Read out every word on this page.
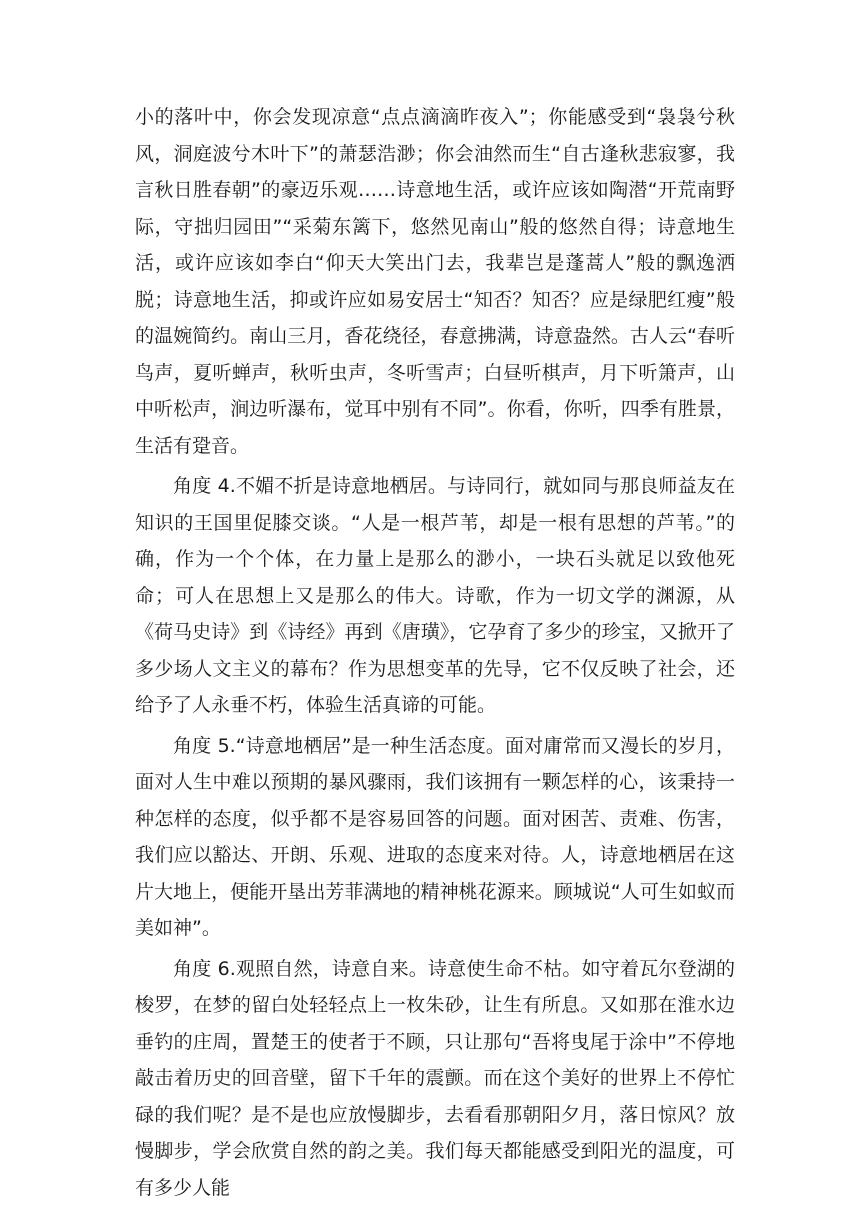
小的落叶中，你会发现凉意“点点滴滴昨夜入”；你能感受到“袅袅兮秋风，洞庭波兮木叶下”的萧瑟浩渺；你会油然而生“自古逢秋悲寂寥，我言秋日胜春朝”的豪迈乐观……诗意地生活，或许应该如陶潜“开荒南野际，守拙归园田”“采菊东篱下，悠然见南山”般的悠然自得；诗意地生活，或许应该如李白“仰天大笑出门去，我辈岂是蓬蒿人”般的飘逸洒脱；诗意地生活，抑或许应如易安居士“知否？知否？应是绿肥红瘦”般的温婉简约。南山三月，香花绕径，春意拂满，诗意盎然。古人云“春听鸟声，夏听蝉声，秋听虫声，冬听雪声；白昼听棋声，月下听箫声，山中听松声，涧边听瀑布，觉耳中别有不同”。你看，你听，四季有胜景，生活有跫音。

角度 4.不媚不折是诗意地栖居。与诗同行，就如同与那良师益友在知识的王国里促膝交谈。“人是一根芦苇，却是一根有思想的芦苇。”的确，作为一个个体，在力量上是那么的渺小，一块石头就足以致他死命；可人在思想上又是那么的伟大。诗歌，作为一切文学的渊源，从《荷马史诗》到《诗经》再到《唐璜》，它孕育了多少的珍宝，又掀开了多少场人文主义的幕布？作为思想变革的先导，它不仅反映了社会，还给予了人永垂不朽，体验生活真谛的可能。

角度 5.“诗意地栖居”是一种生活态度。面对庸常而又漫长的岁月，面对人生中难以预期的暴风骤雨，我们该拥有一颗怎样的心，该秉持一种怎样的态度，似乎都不是容易回答的问题。面对困苦、责难、伤害，我们应以豁达、开朗、乐观、进取的态度来对待。人，诗意地栖居在这片大地上，便能开垦出芳菲满地的精神桃花源来。顾城说“人可生如蚁而美如神”。

角度 6.观照自然，诗意自来。诗意使生命不枯。如守着瓦尔登湖的梭罗，在梦的留白处轻轻点上一枚朱砂，让生有所息。又如那在淮水边垂钓的庄周，置楚王的使者于不顾，只让那句“吾将曳尾于涂中”不停地敲击着历史的回音壁，留下千年的震颤。而在这个美好的世界上不停忙碌的我们呢？是不是也应放慢脚步，去看看那朝阳夕月，落日惊风？放慢脚步，学会欣赏自然的韵之美。我们每天都能感受到阳光的温度，可有多少人能
